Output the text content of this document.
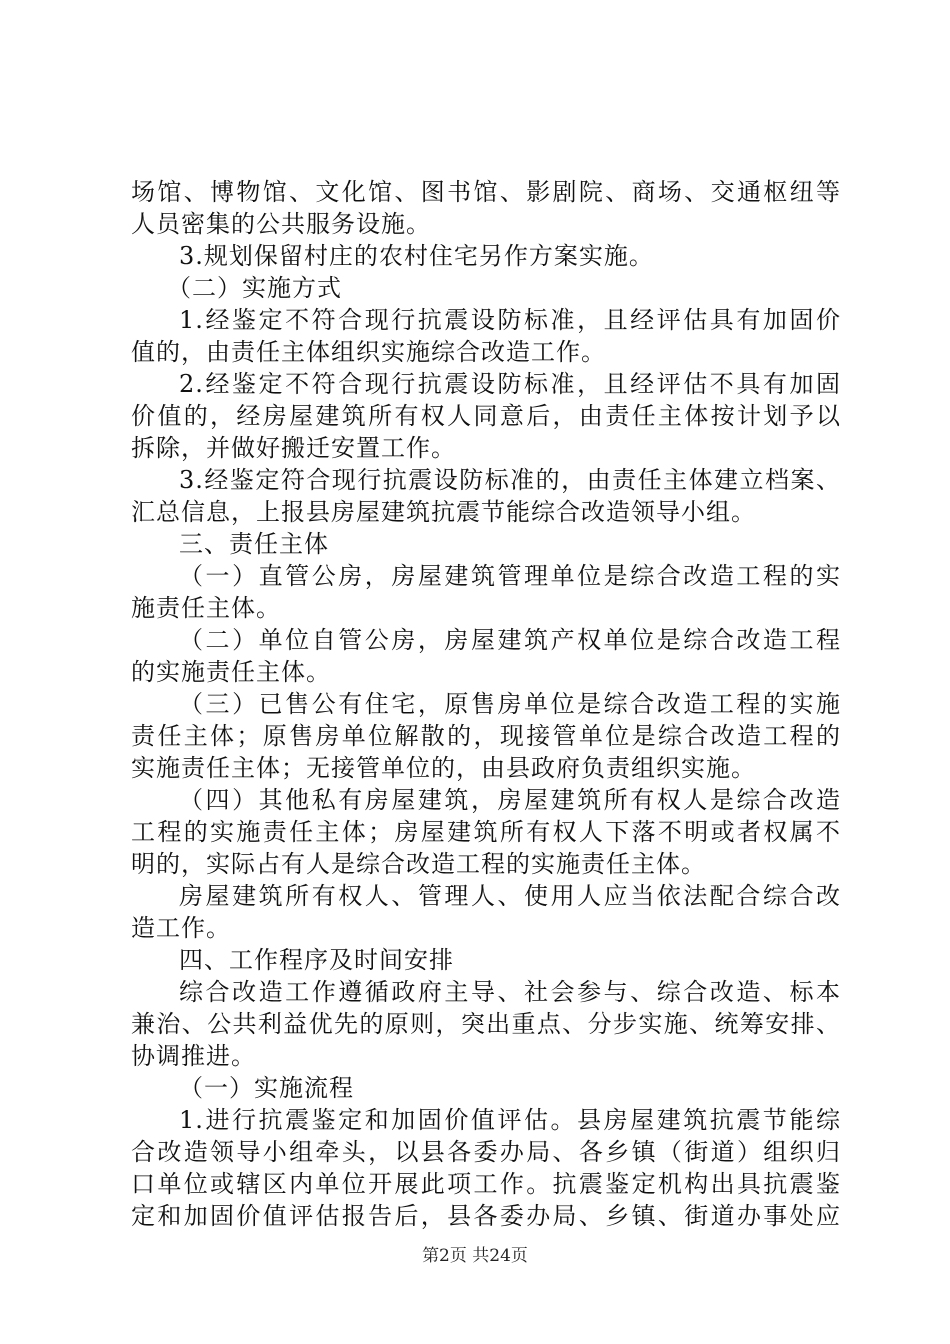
场馆、博物馆、文化馆、图书馆、影剧院、商场、交通枢纽等
人员密集的公共服务设施。
3.规划保留村庄的农村住宅另作方案实施。
（二）实施方式
1.经鉴定不符合现行抗震设防标准，且经评估具有加固价
值的，由责任主体组织实施综合改造工作。
2.经鉴定不符合现行抗震设防标准，且经评估不具有加固
价值的，经房屋建筑所有权人同意后，由责任主体按计划予以
拆除，并做好搬迁安置工作。
3.经鉴定符合现行抗震设防标准的，由责任主体建立档案、
汇总信息，上报县房屋建筑抗震节能综合改造领导小组。
三、责任主体
（一）直管公房，房屋建筑管理单位是综合改造工程的实
施责任主体。
（二）单位自管公房，房屋建筑产权单位是综合改造工程
的实施责任主体。
（三）已售公有住宅，原售房单位是综合改造工程的实施
责任主体；原售房单位解散的，现接管单位是综合改造工程的
实施责任主体；无接管单位的，由县政府负责组织实施。
（四）其他私有房屋建筑，房屋建筑所有权人是综合改造
工程的实施责任主体；房屋建筑所有权人下落不明或者权属不
明的，实际占有人是综合改造工程的实施责任主体。
房屋建筑所有权人、管理人、使用人应当依法配合综合改
造工作。
四、工作程序及时间安排
综合改造工作遵循政府主导、社会参与、综合改造、标本
兼治、公共利益优先的原则，突出重点、分步实施、统筹安排、
协调推进。
（一）实施流程
1.进行抗震鉴定和加固价值评估。县房屋建筑抗震节能综
合改造领导小组牵头，以县各委办局、各乡镇（街道）组织归
口单位或辖区内单位开展此项工作。抗震鉴定机构出具抗震鉴
定和加固价值评估报告后，县各委办局、乡镇、街道办事处应
第2页 共24页
